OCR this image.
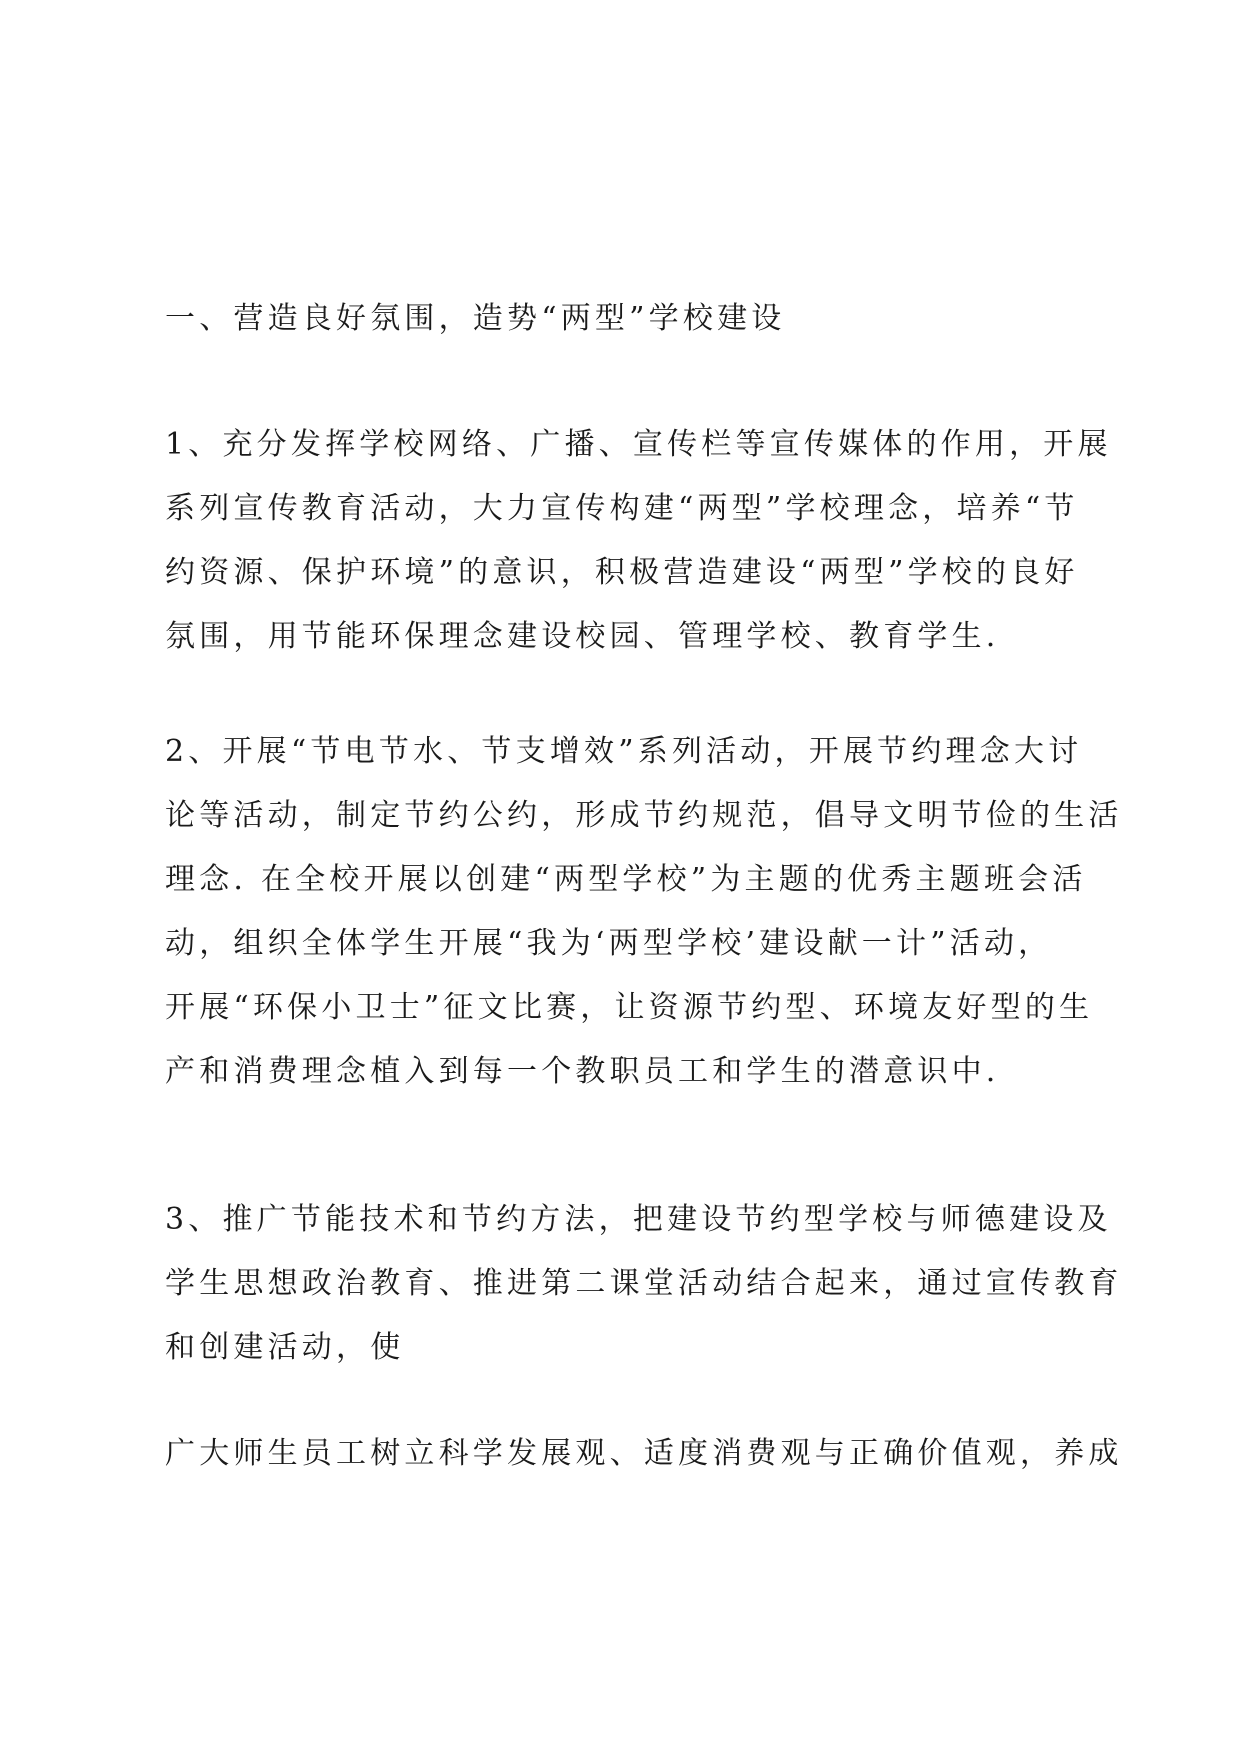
一、营造良好氛围，造势“两型”学校建设
1、充分发挥学校网络、广播、宣传栏等宣传媒体的作用，开展
系列宣传教育活动，大力宣传构建“两型”学校理念，培养“节
约资源、保护环境”的意识，积极营造建设“两型”学校的良好
氛围，用节能环保理念建设校园、管理学校、教育学生.
2、开展“节电节水、节支增效”系列活动，开展节约理念大讨
论等活动，制定节约公约，形成节约规范，倡导文明节俭的生活
理念. 在全校开展以创建“两型学校”为主题的优秀主题班会活
动，组织全体学生开展“我为‘两型学校’建设献一计”活动，
开展“环保小卫士”征文比赛，让资源节约型、环境友好型的生
产和消费理念植入到每一个教职员工和学生的潜意识中.
3、推广节能技术和节约方法，把建设节约型学校与师德建设及
学生思想政治教育、推进第二课堂活动结合起来，通过宣传教育
和创建活动，使
广大师生员工树立科学发展观、适度消费观与正确价值观，养成
